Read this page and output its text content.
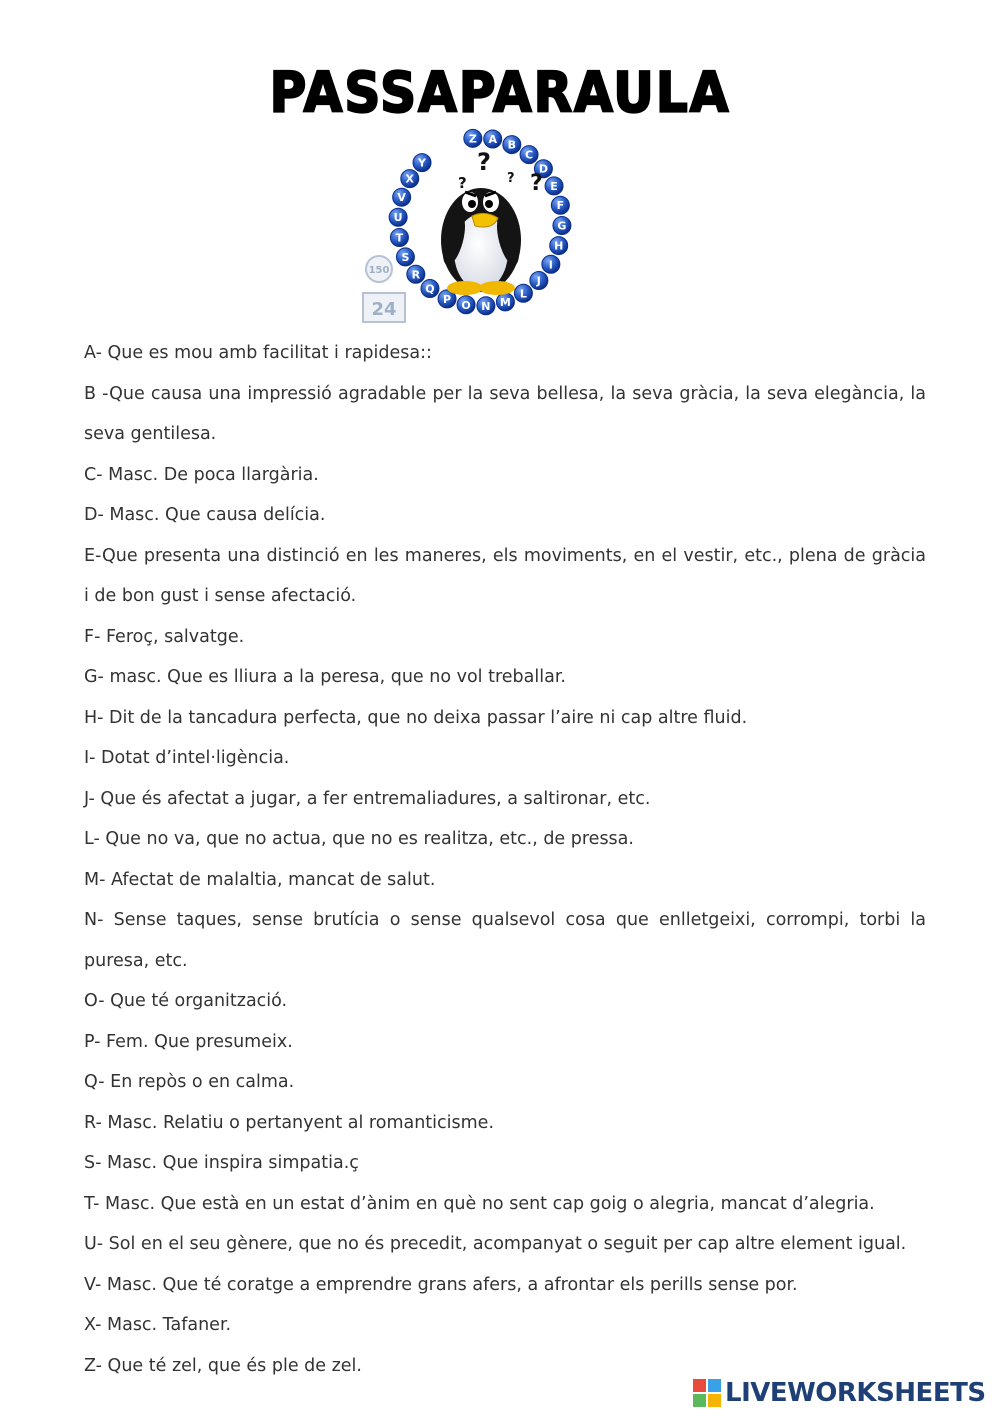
PASSAPARAULA
Z A B
C
D
E
F
G
H
I
J
L
M
N
O
P
Q
R
S
T
U
V
X
Y ?
?
?	?
150
24
A- Que es mou amb facilitat i rapidesa::
B -Que causa una impressió agradable per la seva bellesa, la seva gràcia, la seva elegància, la seva gentilesa.
C- Masc. De poca llargària.
D- Masc. Que causa delícia.
E-Que presenta una distinció en les maneres, els moviments, en el vestir, etc., plena de gràcia i de bon gust i sense afectació.
F- Feroç, salvatge.
G- masc. Que es lliura a la peresa, que no vol treballar.
H- Dit de la tancadura perfecta, que no deixa passar l’aire ni cap altre fluid.
I- Dotat d’intel·ligència.
J- Que és afectat a jugar, a fer entremaliadures, a saltironar, etc.
L- Que no va, que no actua, que no es realitza, etc., de pressa.
M- Afectat de malaltia, mancat de salut.
N- Sense taques, sense brutícia o sense qualsevol cosa que enlletgeixi, corrompi, torbi la puresa, etc.
O- Que té organització.
P- Fem. Que presumeix.
Q- En repòs o en calma.
R- Masc. Relatiu o pertanyent al romanticisme.
S- Masc. Que inspira simpatia.ç
T- Masc. Que està en un estat d’ànim en què no sent cap goig o alegria, mancat d’alegria.
U- Sol en el seu gènere, que no és precedit, acompanyat o seguit per cap altre element igual.
V- Masc. Que té coratge a emprendre grans afers, a afrontar els perills sense por.
X- Masc. Tafaner.
Z- Que té zel, que és ple de zel.
LIVEWORKSHEETS
